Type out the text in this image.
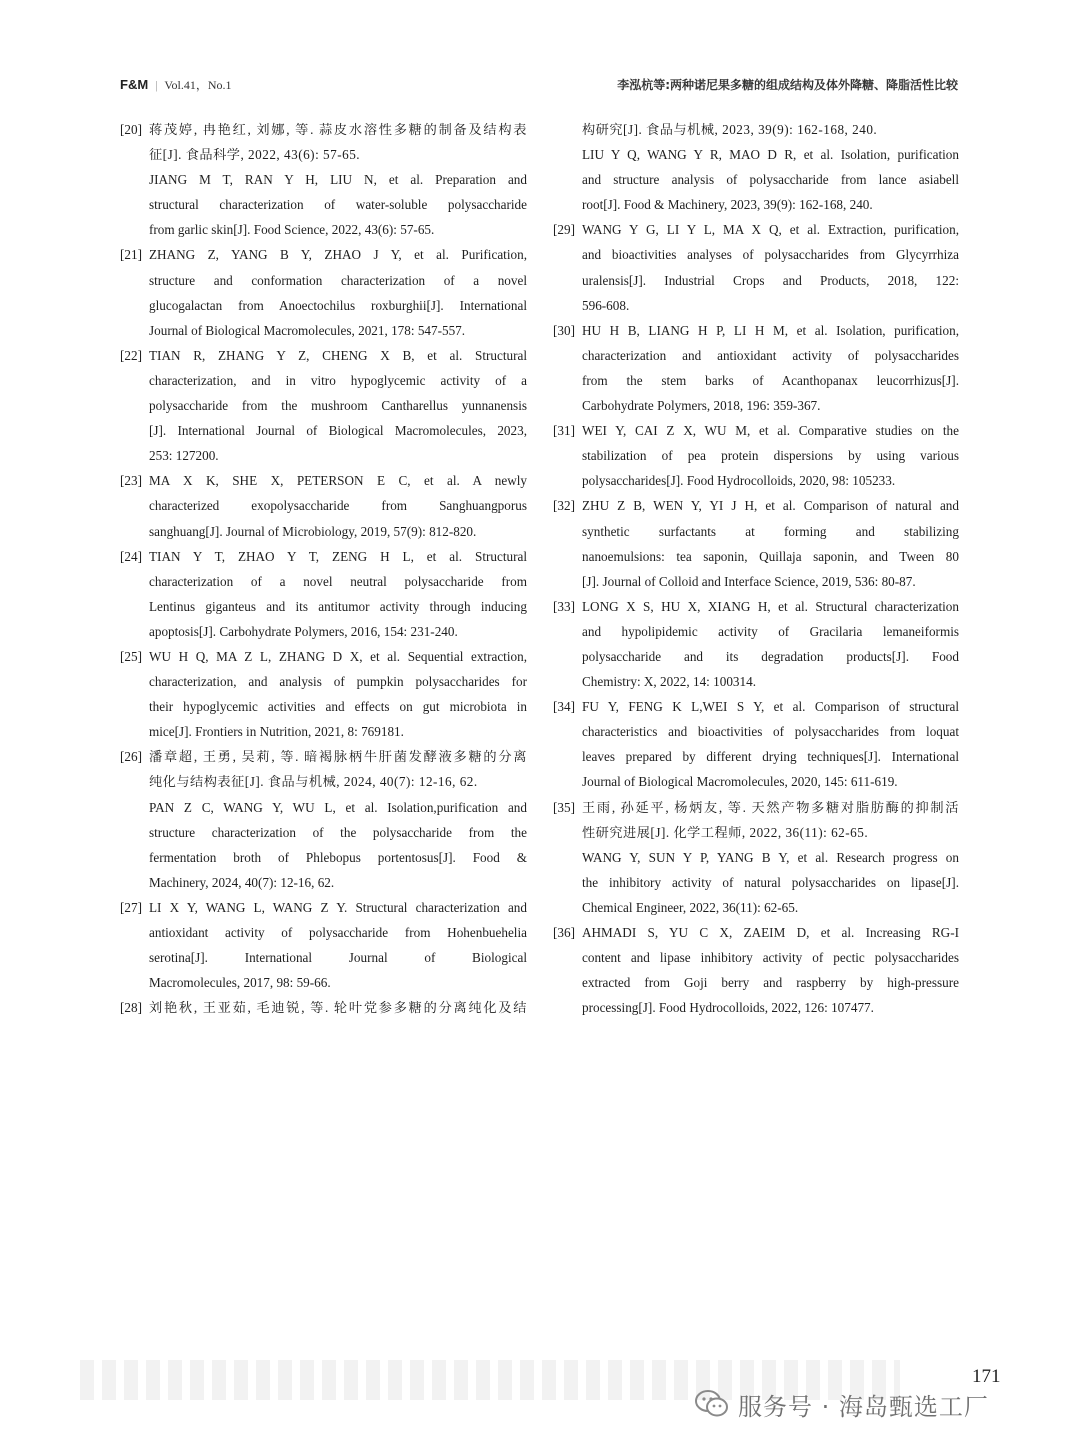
F&M | Vol.41，No.1	李泓杭等:两种诺尼果多糖的组成结构及体外降糖、降脂活性比较
[20] 蒋茂婷, 冉艳红, 刘娜, 等. 蒜皮水溶性多糖的制备及结构表
征[J]. 食品科学, 2022, 43(6): 57-65.
JIANG M T, RAN Y H, LIU N, et al. Preparation and
structural characterization of water-soluble polysaccharide
from garlic skin[J]. Food Science, 2022, 43(6): 57-65.
[21] ZHANG Z, YANG B Y, ZHAO J Y, et al. Purification,
structure and conformation characterization of a novel
glucogalactan from Anoectochilus roxburghii[J]. International
Journal of Biological Macromolecules, 2021, 178: 547-557.
[22] TIAN R, ZHANG Y Z, CHENG X B, et al. Structural
characterization, and in vitro hypoglycemic activity of a
polysaccharide from the mushroom Cantharellus yunnanensis
[J]. International Journal of Biological Macromolecules, 2023,
253: 127200.
[23] MA X K, SHE X, PETERSON E C, et al. A newly
characterized exopolysaccharide from Sanghuangporus
sanghuang[J]. Journal of Microbiology, 2019, 57(9): 812-820.
[24] TIAN Y T, ZHAO Y T, ZENG H L, et al. Structural
characterization of a novel neutral polysaccharide from
Lentinus giganteus and its antitumor activity through inducing
apoptosis[J]. Carbohydrate Polymers, 2016, 154: 231-240.
[25] WU H Q, MA Z L, ZHANG D X, et al. Sequential extraction,
characterization, and analysis of pumpkin polysaccharides for
their hypoglycemic activities and effects on gut microbiota in
mice[J]. Frontiers in Nutrition, 2021, 8: 769181.
[26] 潘章超, 王勇, 吴莉, 等. 暗褐脉柄牛肝菌发酵液多糖的分离
纯化与结构表征[J]. 食品与机械, 2024, 40(7): 12-16, 62.
PAN Z C, WANG Y, WU L, et al. Isolation,purification and
structure characterization of the polysaccharide from the
fermentation broth of Phlebopus portentosus[J]. Food &
Machinery, 2024, 40(7): 12-16, 62.
[27] LI X Y, WANG L, WANG Z Y. Structural characterization and
antioxidant activity of polysaccharide from Hohenbuehelia
serotina[J]. International Journal of Biological
Macromolecules, 2017, 98: 59-66.
[28] 刘艳秋, 王亚茹, 毛迪锐, 等. 轮叶党参多糖的分离纯化及结
构研究[J]. 食品与机械, 2023, 39(9): 162-168, 240.
LIU Y Q, WANG Y R, MAO D R, et al. Isolation, purification
and structure analysis of polysaccharide from lance asiabell
root[J]. Food & Machinery, 2023, 39(9): 162-168, 240.
[29] WANG Y G, LI Y L, MA X Q, et al. Extraction, purification,
and bioactivities analyses of polysaccharides from Glycyrrhiza
uralensis[J]. Industrial Crops and Products, 2018, 122:
596-608.
[30] HU H B, LIANG H P, LI H M, et al. Isolation, purification,
characterization and antioxidant activity of polysaccharides
from the stem barks of Acanthopanax leucorrhizus[J].
Carbohydrate Polymers, 2018, 196: 359-367.
[31] WEI Y, CAI Z X, WU M, et al. Comparative studies on the
stabilization of pea protein dispersions by using various
polysaccharides[J]. Food Hydrocolloids, 2020, 98: 105233.
[32] ZHU Z B, WEN Y, YI J H, et al. Comparison of natural and
synthetic surfactants at forming and stabilizing
nanoemulsions: tea saponin, Quillaja saponin, and Tween 80
[J]. Journal of Colloid and Interface Science, 2019, 536: 80-87.
[33] LONG X S, HU X, XIANG H, et al. Structural characterization
and hypolipidemic activity of Gracilaria lemaneiformis
polysaccharide and its degradation products[J]. Food
Chemistry: X, 2022, 14: 100314.
[34] FU Y, FENG K L,WEI S Y, et al. Comparison of structural
characteristics and bioactivities of polysaccharides from loquat
leaves prepared by different drying techniques[J]. International
Journal of Biological Macromolecules, 2020, 145: 611-619.
[35] 王雨, 孙延平, 杨炳友, 等. 天然产物多糖对脂肪酶的抑制活
性研究进展[J]. 化学工程师, 2022, 36(11): 62-65.
WANG Y, SUN Y P, YANG B Y, et al. Research progress on
the inhibitory activity of natural polysaccharides on lipase[J].
Chemical Engineer, 2022, 36(11): 62-65.
[36] AHMADI S, YU C X, ZAEIM D, et al. Increasing RG-I
content and lipase inhibitory activity of pectic polysaccharides
extracted from Goji berry and raspberry by high-pressure
processing[J]. Food Hydrocolloids, 2022, 126: 107477.
171
服务号 · 海岛甄选工厂
